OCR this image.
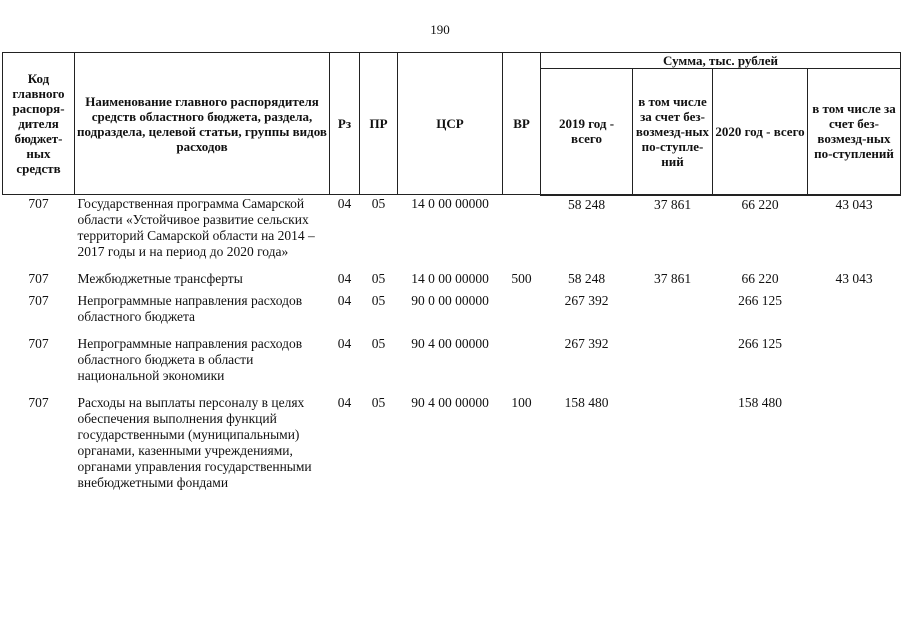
190
Код главного распоря-дителя бюджет-ных средств	Наименование главного распорядителя средств областного бюджета, раздела, подраздела, целевой статьи, группы видов расходов	Рз	ПР	ЦСР	ВР	Сумма, тыс. рублей			
						2019 год - всего	в том числе за счет без-возмезд-ных по-ступле-ний	2020 год - всего	в том числе за счет без-возмезд-ных по-ступлений
707	Государственная программа Самарской области «Устойчивое развитие сельских территорий Самарской области на 2014 – 2017 годы и на период до 2020 года»	04	05	14 0 00 00000		58 248	37 861	66 220	43 043
707	Межбюджетные трансферты	04	05	14 0 00 00000	500	58 248	37 861	66 220	43 043
707	Непрограммные направления расходов областного бюджета	04	05	90 0 00 00000		267 392		266 125	
707	Непрограммные направления расходов областного бюджета в области национальной экономики	04	05	90 4 00 00000		267 392		266 125	
707	Расходы на выплаты персоналу в целях обеспечения выполнения функций государственными (муниципальными) органами, казенными учреждениями, органами управления государственными внебюджетными фондами	04	05	90 4 00 00000	100	158 480		158 480	
